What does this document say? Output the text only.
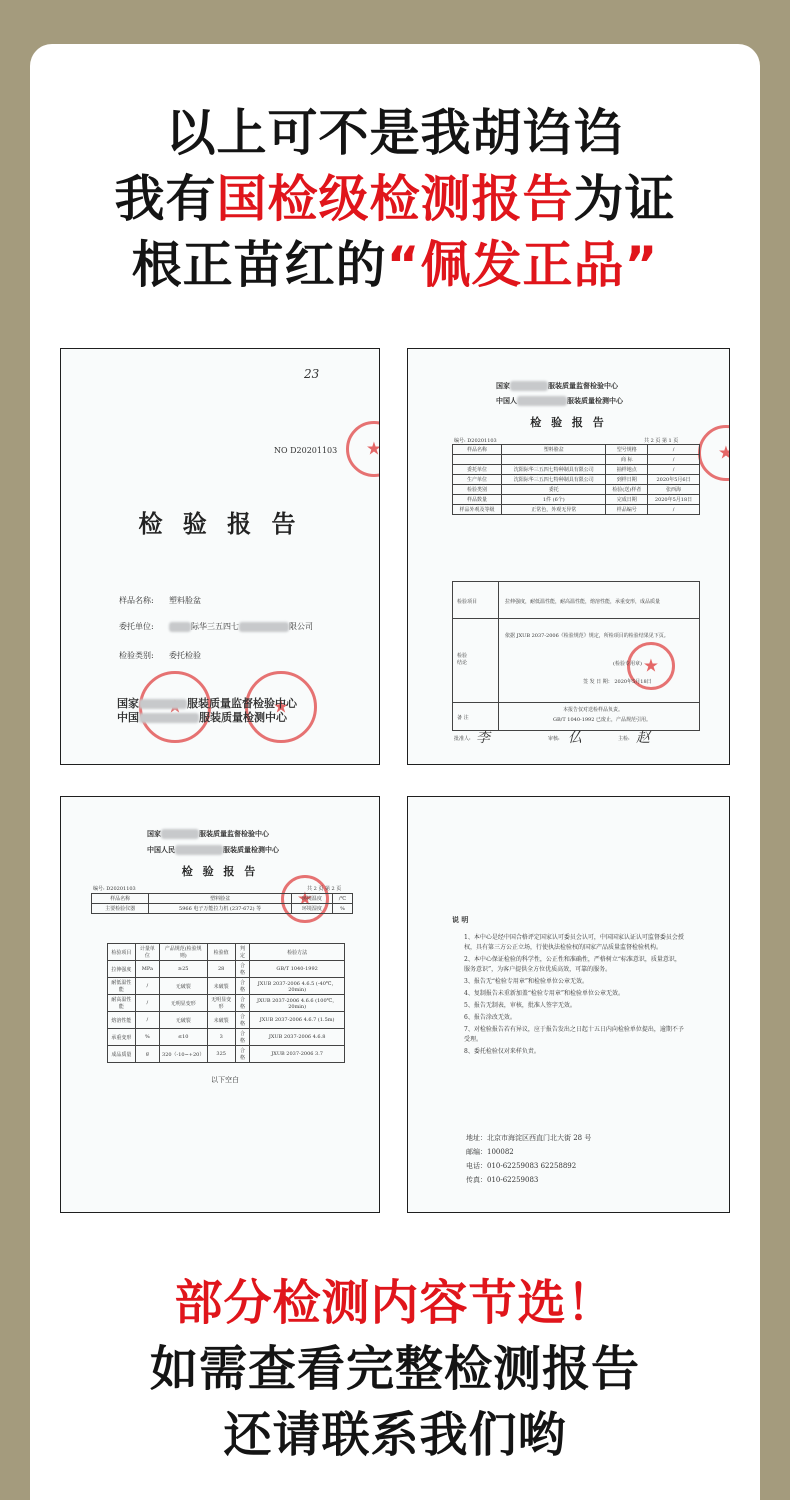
以上可不是我胡诌诌
我有国检级检测报告为证
根正苗红的“佩发正品”
23
★
NO D20201103
检 验 报 告
样品名称: 塑料脸盆
委托单位:	际华三五四七	限公司
检验类别: 委托检验
★
★
国家	服装质量监督检验中心
中国	服装质量检测中心
国家	服装质量监督检验中心
中国人	服装质量检测中心
检 验 报 告
★
编号: D20201103	共 2 页 第 1 页
样品名称	塑料脸盆	型号规格	/
		商 标	/
委托单位	沈阳际华三五四七特种制具有限公司	抽样地点	/
生产单位	沈阳际华三五四七特种制具有限公司	到样日期	2020年5月6日
检验类别	委托	检验(送)样者	张西海
样品数量	1件 (6个)	完成日期	2020年5月18日
样品外观及等级	正常色，外观无异常	样品编号	/
检验项目	拉伸强度，耐低温性能，耐高温性能，熔溶性能，承重变形，成品质量
检验结论
依据 JXUB 2037-2006《检验规范》规定，所检项目的检验结果见下页。
★
(检验专用章)
签 发 日 期： 2020年5月18日
备 注
本报告仅对送检样品负责。
GB/T 1040-1992 已废止，产品规范引用。
批准人: 李	审核: 仏	主检: 赵
国家	服装质量监督检验中心
中国人民	服装质量检测中心
检 验 报 告
★
编号: D20201103	共 2 页 第 2 页
样品名称	塑料脸盆	环境温度	/℃
主要检验仪器	5966 电子万能拉力机 (237-672) 等	环境湿度	%
检验项目	计量单位	产品规范(检验规则)	检验值	判定	检验方法
拉伸强度	MPa	≥25	28	合格	GB/T 1040-1992
耐低温性能	/	无破裂	未破裂	合格	JXUB 2037-2006 4.6.5 (-40℃，20min)
耐高温性能	/	无明显变形	无明显变形	合格	JXUB 2037-2006 4.6.6 (100℃，20min)
熔溶性能	/	无破裂	未破裂	合格	JXUB 2037-2006 4.6.7 (1.5m)
承重变形	%	≤10	3	合格	JXUB 2037-2006 4.6.8
成品质量	g	320（-10~+20）	325	合格	JXUB 2037-2006 3.7
以下空白
说 明
1、本中心是经中国合格评定国家认可委员会认可，中国国家认证认可监督委员会授权，具有第三方公正立场，行使执法检验权的国家产品质量监督检验机构。
2、本中心保证检验的科学性，公正性和准确性，严格树立“标准意识，质量意识，服务意识”，为客户提供全方位优质高效，可靠的服务。
3、报告无“检验专用章”和检验单位公章无效。
4、复制报告未重新加盖“检验专用章”和检验单位公章无效。
5、报告无制表，审核，批准人签字无效。
6、报告涂改无效。
7、对检验报告若有异议，应于报告发出之日起十五日内向检验单位提出，逾期不予受理。
8、委托检验仅对来样负责。
地址：北京市海淀区西直门北大街 28 号
邮编：100082
电话：010-62259083 62258892
传真：010-62259083
部分检测内容节选！
如需查看完整检测报告
还请联系我们哟
